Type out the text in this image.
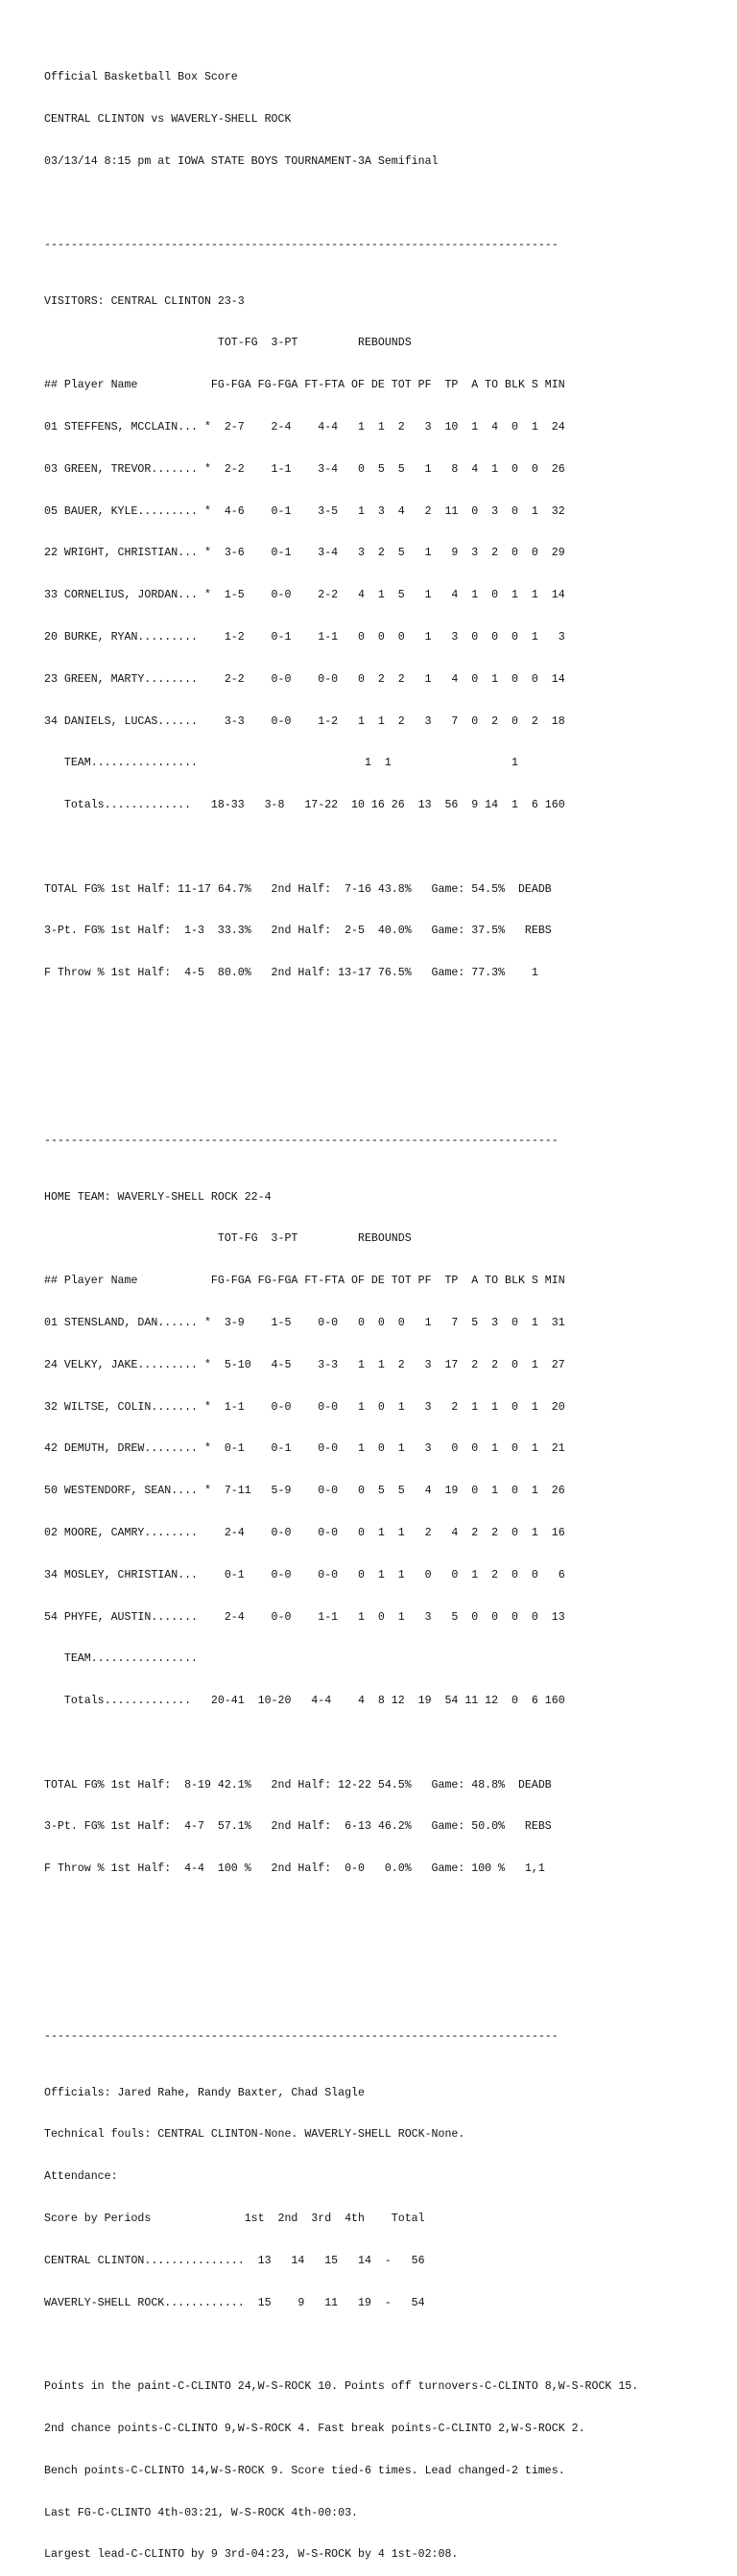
Official Basketball Box Score

CENTRAL CLINTON vs WAVERLY-SHELL ROCK

03/13/14 8:15 pm at IOWA STATE BOYS TOURNAMENT-3A Semifinal

-----------------------------------------------------------------------------

VISITORS: CENTRAL CLINTON 23-3

TOT-FG  3-PT         REBOUNDS

## Player Name           FG-FGA FG-FGA FT-FTA OF DE TOT PF  TP  A TO BLK S MIN

01 STEFFENS, MCCLAIN... *  2-7    2-4    4-4   1  1  2   3  10  1  4  0  1  24

03 GREEN, TREVOR....... *  2-2    1-1    3-4   0  5  5   1   8  4  1  0  0  26

05 BAUER, KYLE......... *  4-6    0-1    3-5   1  3  4   2  11  0  3  0  1  32

22 WRIGHT, CHRISTIAN... *  3-6    0-1    3-4   3  2  5   1   9  3  2  0  0  29

33 CORNELIUS, JORDAN... *  1-5    0-0    2-2   4  1  5   1   4  1  0  1  1  14

20 BURKE, RYAN.........    1-2    0-1    1-1   0  0  0   1   3  0  0  0  1   3

23 GREEN, MARTY........    2-2    0-0    0-0   0  2  2   1   4  0  1  0  0  14

34 DANIELS, LUCAS......    3-3    0-0    1-2   1  1  2   3   7  0  2  0  2  18

TEAM................                         1  1                  1

Totals.............   18-33   3-8   17-22  10 16 26  13  56  9 14  1  6 160

TOTAL FG% 1st Half: 11-17 64.7%   2nd Half:  7-16 43.8%   Game: 54.5%  DEADB

3-Pt. FG% 1st Half:  1-3  33.3%   2nd Half:  2-5  40.0%   Game: 37.5%   REBS

F Throw % 1st Half:  4-5  80.0%   2nd Half: 13-17 76.5%   Game: 77.3%    1

-----------------------------------------------------------------------------

HOME TEAM: WAVERLY-SHELL ROCK 22-4

TOT-FG  3-PT         REBOUNDS

## Player Name           FG-FGA FG-FGA FT-FTA OF DE TOT PF  TP  A TO BLK S MIN

01 STENSLAND, DAN...... *  3-9    1-5    0-0   0  0  0   1   7  5  3  0  1  31

24 VELKY, JAKE......... *  5-10   4-5    3-3   1  1  2   3  17  2  2  0  1  27

32 WILTSE, COLIN....... *  1-1    0-0    0-0   1  0  1   3   2  1  1  0  1  20

42 DEMUTH, DREW........ *  0-1    0-1    0-0   1  0  1   3   0  0  1  0  1  21

50 WESTENDORF, SEAN.... *  7-11   5-9    0-0   0  5  5   4  19  0  1  0  1  26

02 MOORE, CAMRY........    2-4    0-0    0-0   0  1  1   2   4  2  2  0  1  16

34 MOSLEY, CHRISTIAN...    0-1    0-0    0-0   0  1  1   0   0  1  2  0  0   6

54 PHYFE, AUSTIN.......    2-4    0-0    1-1   1  0  1   3   5  0  0  0  0  13

TEAM................

Totals.............   20-41  10-20   4-4    4  8 12  19  54 11 12  0  6 160

TOTAL FG% 1st Half:  8-19 42.1%   2nd Half: 12-22 54.5%   Game: 48.8%  DEADB

3-Pt. FG% 1st Half:  4-7  57.1%   2nd Half:  6-13 46.2%   Game: 50.0%   REBS

F Throw % 1st Half:  4-4  100 %   2nd Half:  0-0   0.0%   Game: 100 %   1,1

-----------------------------------------------------------------------------

Officials: Jared Rahe, Randy Baxter, Chad Slagle

Technical fouls: CENTRAL CLINTON-None. WAVERLY-SHELL ROCK-None.

Attendance:

Score by Periods              1st  2nd  3rd  4th    Total

CENTRAL CLINTON...............  13   14   15   14  -   56

WAVERLY-SHELL ROCK............  15    9   11   19  -   54

Points in the paint-C-CLINTO 24,W-S-ROCK 10. Points off turnovers-C-CLINTO 8,W-S-ROCK 15.

2nd chance points-C-CLINTO 9,W-S-ROCK 4. Fast break points-C-CLINTO 2,W-S-ROCK 2.

Bench points-C-CLINTO 14,W-S-ROCK 9. Score tied-6 times. Lead changed-2 times.

Last FG-C-CLINTO 4th-03:21, W-S-ROCK 4th-00:03.

Largest lead-C-CLINTO by 9 3rd-04:23, W-S-ROCK by 4 1st-02:08.
